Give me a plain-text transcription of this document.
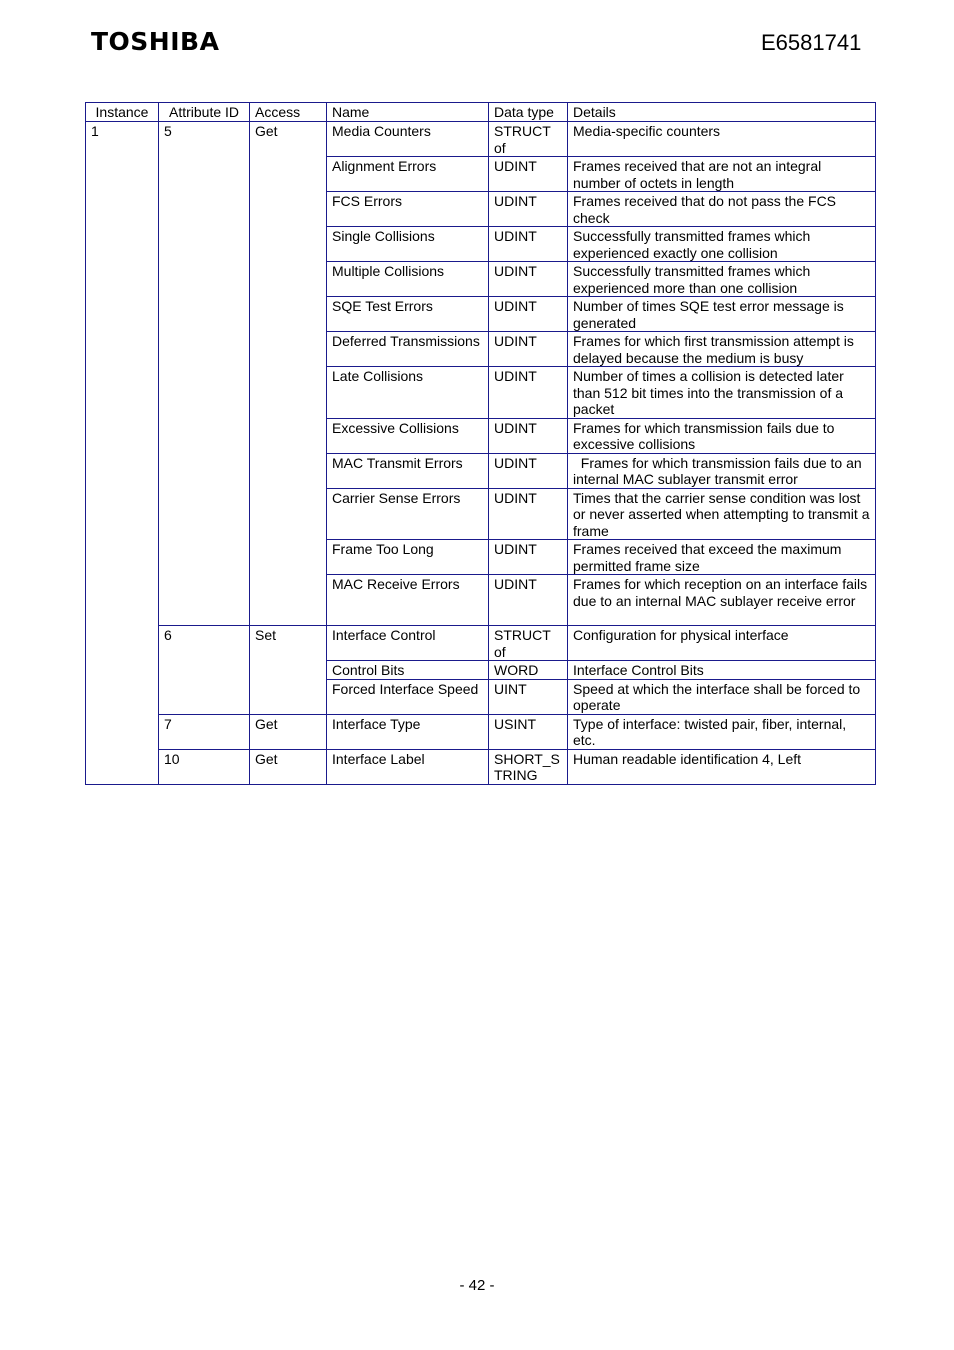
TOSHIBA	E6581741
Instance	Attribute ID	Access	Name	Data type	Details
1	5	Get	Media Counters	STRUCT of	Media-specific counters
			Alignment Errors	UDINT	Frames received that are not an integral number of octets in length
			FCS Errors	UDINT	Frames received that do not pass the FCS check
			Single Collisions	UDINT	Successfully transmitted frames which experienced exactly one collision
			Multiple Collisions	UDINT	Successfully transmitted frames which experienced more than one collision
			SQE Test Errors	UDINT	Number of times SQE test error message is generated
			Deferred Transmissions	UDINT	Frames for which first transmission attempt is delayed because the medium is busy
			Late Collisions	UDINT	Number of times a collision is detected later than 512 bit times into the transmission of a packet
			Excessive Collisions	UDINT	Frames for which transmission fails due to excessive collisions
			MAC Transmit Errors	UDINT	Frames for which transmission fails due to an internal MAC sublayer transmit error
			Carrier Sense Errors	UDINT	Times that the carrier sense condition was lost or never asserted when attempting to transmit a frame
			Frame Too Long	UDINT	Frames received that exceed the maximum permitted frame size
			MAC Receive Errors	UDINT	Frames for which reception on an interface fails due to an internal MAC sublayer receive error
	6	Set	Interface Control	STRUCT of	Configuration for physical interface
			Control Bits	WORD	Interface Control Bits
			Forced Interface Speed	UINT	Speed at which the interface shall be forced to operate
	7	Get	Interface Type	USINT	Type of interface: twisted pair, fiber, internal, etc.
	10	Get	Interface Label	SHORT_S TRING	Human readable identification 4, Left
- 42 -
